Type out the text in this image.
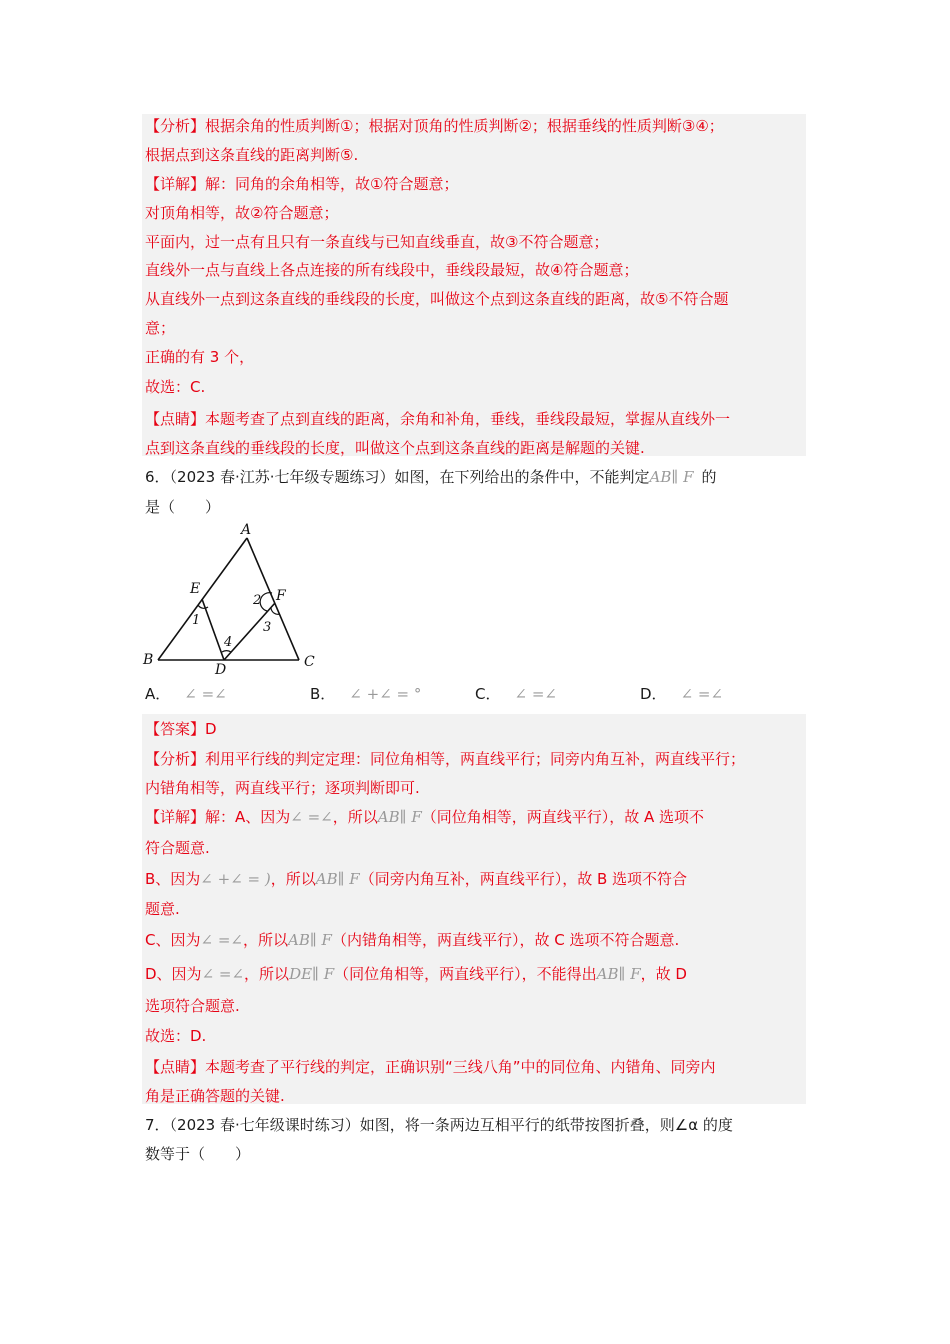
【分析】根据余角的性质判断①；根据对顶角的性质判断②；根据垂线的性质判断③④；
根据点到这条直线的距离判断⑤.
【详解】解：同角的余角相等，故①符合题意；
对顶角相等，故②符合题意；
平面内，过一点有且只有一条直线与已知直线垂直，故③不符合题意；
直线外一点与直线上各点连接的所有线段中，垂线段最短，故④符合题意；
从直线外一点到这条直线的垂线段的长度，叫做这个点到这条直线的距离，故⑤不符合题
意；
正确的有 3 个，
故选：C.
【点睛】本题考查了点到直线的距离，余角和补角，垂线，垂线段最短，掌握从直线外一
点到这条直线的垂线段的长度，叫做这个点到这条直线的距离是解题的关键.
6．（2023 春·江苏·七年级专题练习）如图，在下列给出的条件中，不能判定AB∥ F 的
是（　　）
A
B	C
D
E	F
1
2
3
4
A． ∠ =∠	B． ∠ +∠ = °	C． ∠ =∠	D． ∠ =∠
【答案】D
【分析】利用平行线的判定定理：同位角相等，两直线平行；同旁内角互补，两直线平行；
内错角相等，两直线平行；逐项判断即可.
【详解】解：A、因为∠ =∠，所以AB∥ F（同位角相等，两直线平行），故 A 选项不
符合题意.
B、因为∠ +∠ = )，所以AB∥ F（同旁内角互补，两直线平行），故 B 选项不符合
题意.
C、因为∠ =∠，所以AB∥ F（内错角相等，两直线平行），故 C 选项不符合题意.
D、因为∠ =∠，所以DE∥ F（同位角相等，两直线平行），不能得出AB∥ F，故 D
选项符合题意.
故选：D.
【点睛】本题考查了平行线的判定，正确识别“三线八角”中的同位角、内错角、同旁内
角是正确答题的关键.
7．（2023 春·七年级课时练习）如图，将一条两边互相平行的纸带按图折叠，则∠α 的度
数等于（　　）
